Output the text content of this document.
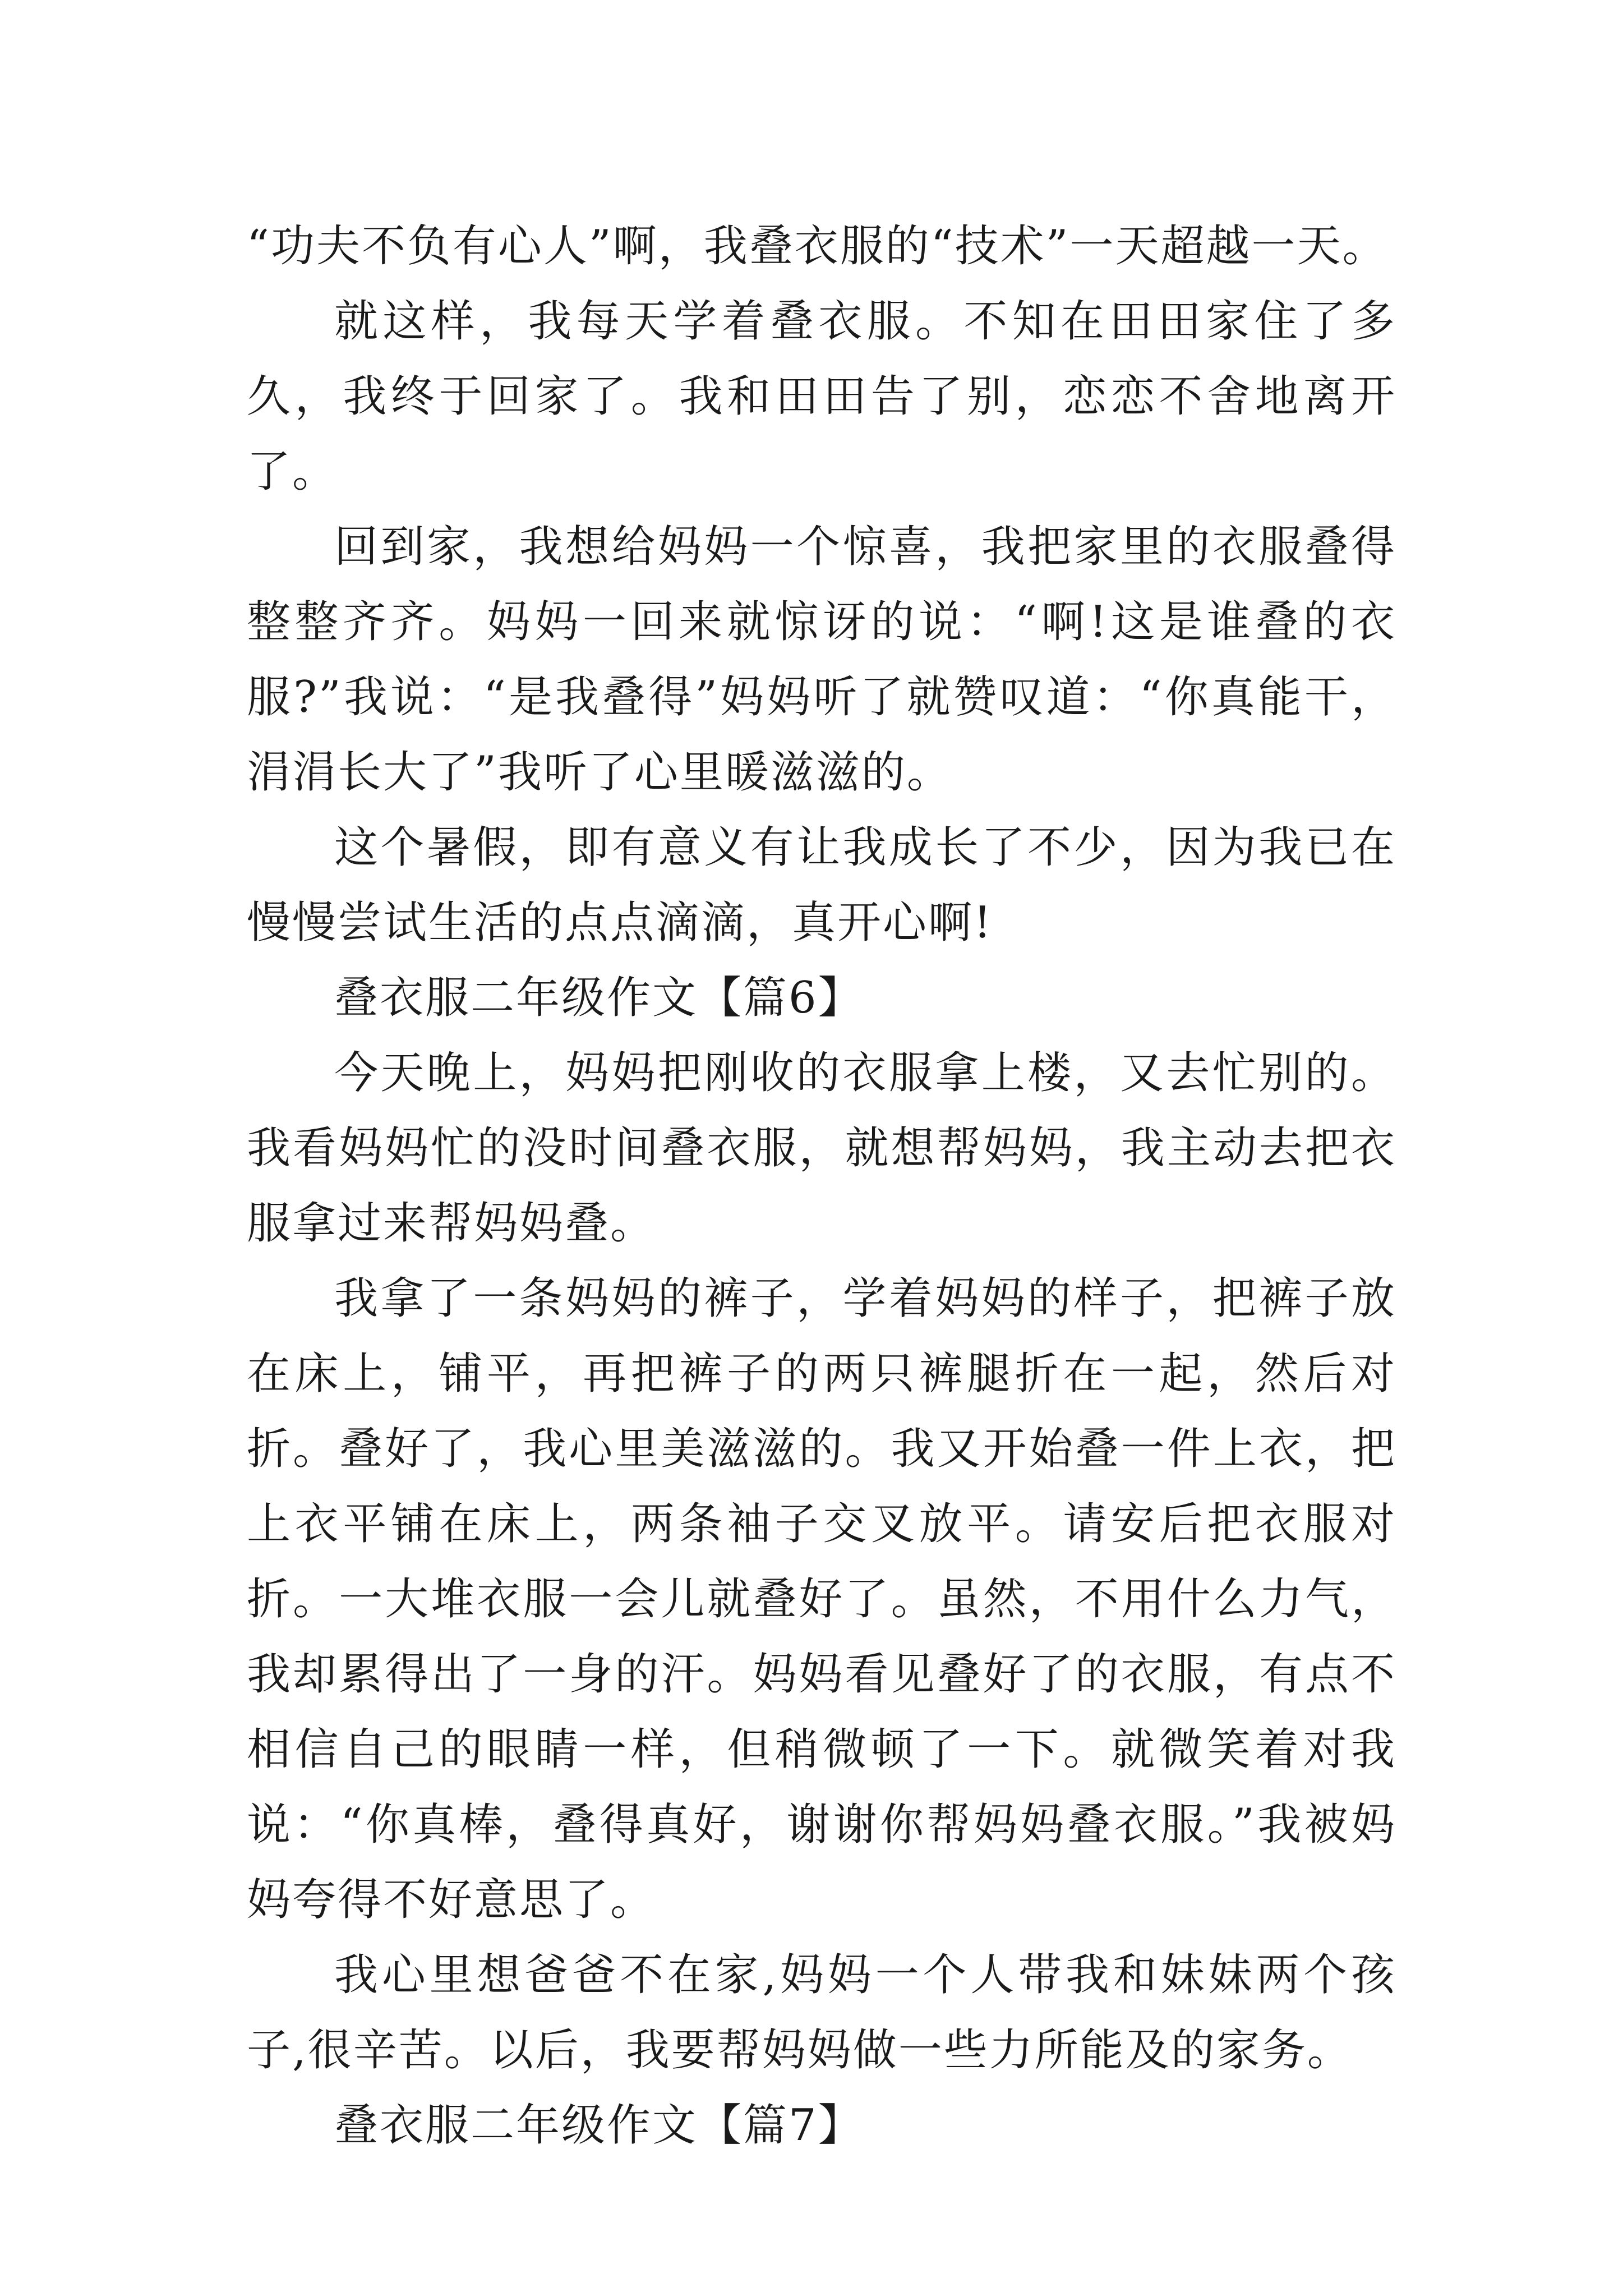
“功夫不负有心人”啊，我叠衣服的“技术”一天超越一天。

就这样，我每天学着叠衣服。不知在田田家住了多久，我终于回家了。我和田田告了别，恋恋不舍地离开了。

回到家，我想给妈妈一个惊喜，我把家里的衣服叠得整整齐齐。妈妈一回来就惊讶的说：“啊!这是谁叠的衣服?”我说：“是我叠得”妈妈听了就赞叹道：“你真能干，涓涓长大了”我听了心里暖滋滋的。

这个暑假，即有意义有让我成长了不少，因为我已在慢慢尝试生活的点点滴滴，真开心啊!

叠衣服二年级作文【篇6】

今天晚上，妈妈把刚收的衣服拿上楼，又去忙别的。我看妈妈忙的没时间叠衣服，就想帮妈妈，我主动去把衣服拿过来帮妈妈叠。

我拿了一条妈妈的裤子，学着妈妈的样子，把裤子放在床上，铺平，再把裤子的两只裤腿折在一起，然后对折。叠好了，我心里美滋滋的。我又开始叠一件上衣，把上衣平铺在床上，两条袖子交叉放平。请安后把衣服对折。一大堆衣服一会儿就叠好了。虽然，不用什么力气，我却累得出了一身的汗。妈妈看见叠好了的衣服，有点不相信自己的眼睛一样，但稍微顿了一下。就微笑着对我说：“你真棒，叠得真好，谢谢你帮妈妈叠衣服。”我被妈妈夸得不好意思了。

我心里想爸爸不在家,妈妈一个人带我和妹妹两个孩子,很辛苦。以后，我要帮妈妈做一些力所能及的家务。

叠衣服二年级作文【篇7】
